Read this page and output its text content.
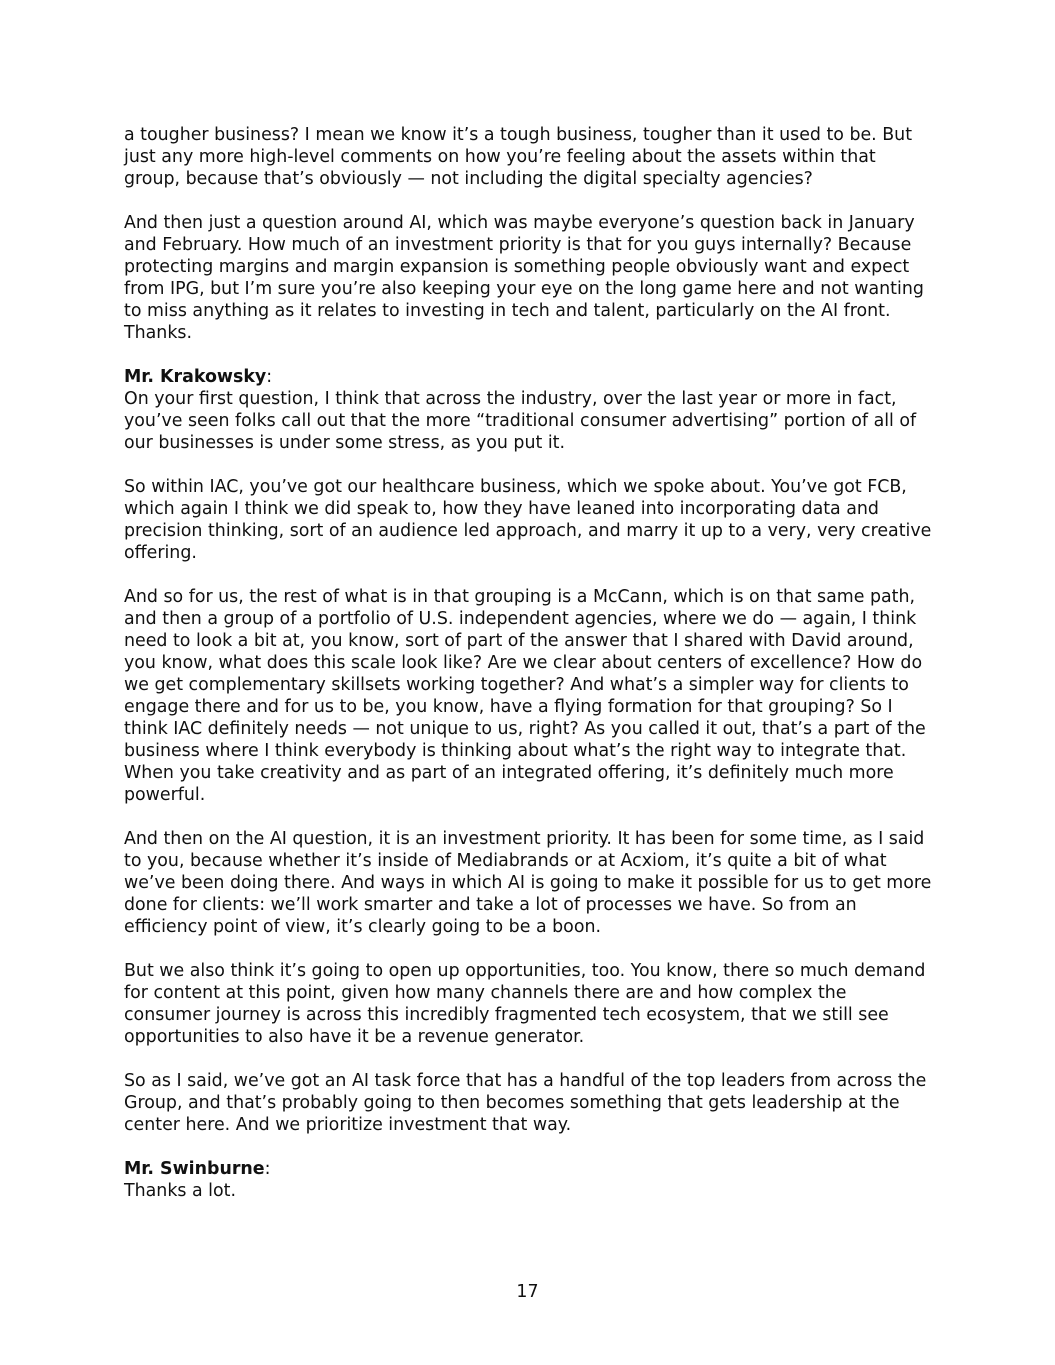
a tougher business? I mean we know it’s a tough business, tougher than it used to be. But just any more high-level comments on how you’re feeling about the assets within that group, because that’s obviously — not including the digital specialty agencies?

And then just a question around AI, which was maybe everyone’s question back in January and February. How much of an investment priority is that for you guys internally? Because protecting margins and margin expansion is something people obviously want and expect from IPG, but I’m sure you’re also keeping your eye on the long game here and not wanting to miss anything as it relates to investing in tech and talent, particularly on the AI front. Thanks.

Mr. Krakowsky:
On your first question, I think that across the industry, over the last year or more in fact, you’ve seen folks call out that the more “traditional consumer advertising” portion of all of our businesses is under some stress, as you put it.

So within IAC, you’ve got our healthcare business, which we spoke about. You’ve got FCB, which again I think we did speak to, how they have leaned into incorporating data and precision thinking, sort of an audience led approach, and marry it up to a very, very creative offering.

And so for us, the rest of what is in that grouping is a McCann, which is on that same path, and then a group of a portfolio of U.S. independent agencies, where we do — again, I think need to look a bit at, you know, sort of part of the answer that I shared with David around, you know, what does this scale look like? Are we clear about centers of excellence? How do we get complementary skillsets working together? And what’s a simpler way for clients to engage there and for us to be, you know, have a flying formation for that grouping? So I think IAC definitely needs — not unique to us, right? As you called it out, that’s a part of the business where I think everybody is thinking about what’s the right way to integrate that. When you take creativity and as part of an integrated offering, it’s definitely much more powerful.

And then on the AI question, it is an investment priority. It has been for some time, as I said to you, because whether it’s inside of Mediabrands or at Acxiom, it’s quite a bit of what we’ve been doing there. And ways in which AI is going to make it possible for us to get more done for clients: we’ll work smarter and take a lot of processes we have. So from an efficiency point of view, it’s clearly going to be a boon.

But we also think it’s going to open up opportunities, too. You know, there so much demand for content at this point, given how many channels there are and how complex the consumer journey is across this incredibly fragmented tech ecosystem, that we still see opportunities to also have it be a revenue generator.

So as I said, we’ve got an AI task force that has a handful of the top leaders from across the Group, and that’s probably going to then becomes something that gets leadership at the center here. And we prioritize investment that way.

Mr. Swinburne:
Thanks a lot.

17
